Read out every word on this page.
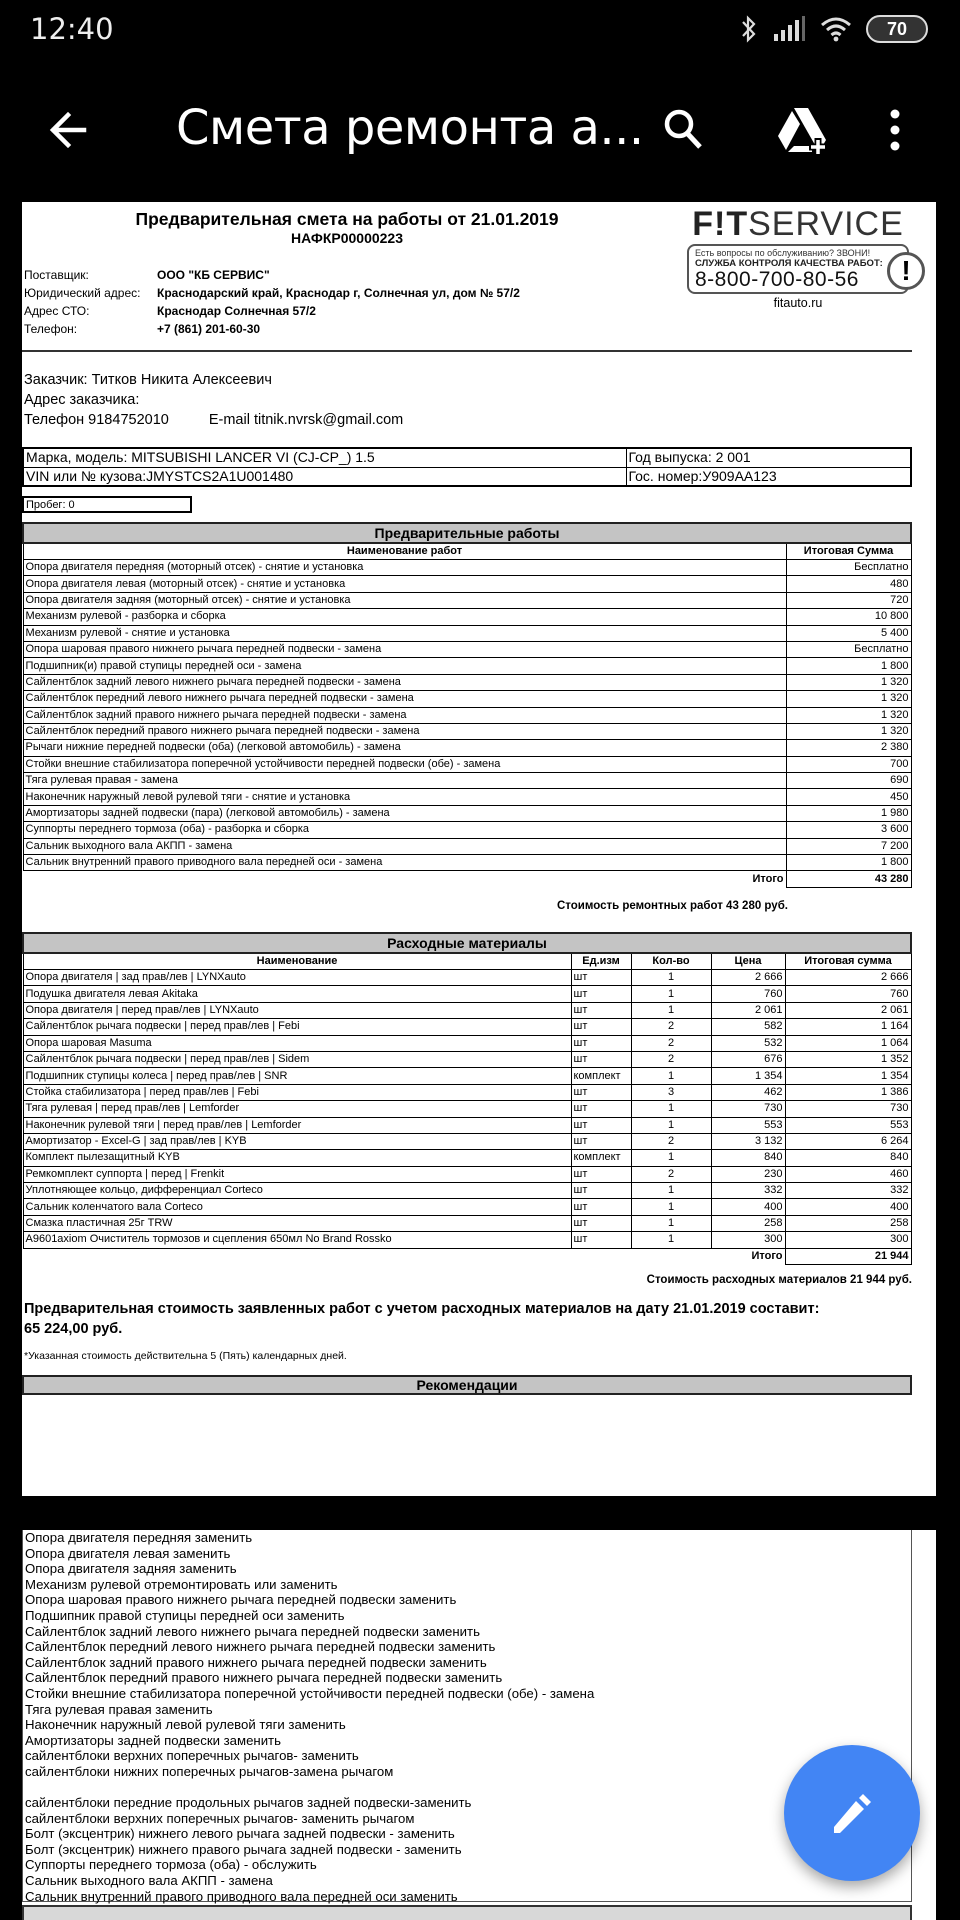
12:40	70
Смета ремонта а...
Предварительная смета на работы от 21.01.2019
НАФКР00000223
Поставщик:	ООО "КБ СЕРВИС"
Юридический адрес:	Краснодарский край, Краснодар г, Солнечная ул, дом № 57/2
Адрес СТО:	Краснодар Солнечная 57/2
Телефон:	+7 (861) 201-60-30
F!TSERVICE
Есть вопросы по обслуживанию? ЗВОНИ!
СЛУЖБА КОНТРОЛЯ КАЧЕСТВА РАБОТ:
8-800-700-80-56	!
fitauto.ru
Заказчик: Титков Никита Алексеевич
Адрес заказчика:
Телефон 9184752010	E-mail titnik.nvrsk@gmail.com
Марка, модель: MITSUBISHI LANCER VI (CJ-CP_) 1.5	Год выпуска: 2 001
VIN или № кузова:JMYSTCS2A1U001480	Гос. номер:У909АА123
Пробег: 0
Предварительные работы	
Наименование работ	Итоговая Сумма
Опора двигателя передняя (моторный отсек) - снятие и установка	Бесплатно
Опора двигателя левая (моторный отсек) - снятие и установка	480
Опора двигателя задняя (моторный отсек) - снятие и установка	720
Механизм рулевой - разборка и сборка	10 800
Механизм рулевой - снятие и установка	5 400
Опора шаровая правого нижнего рычага передней подвески - замена	Бесплатно
Подшипник(и) правой ступицы передней оси - замена	1 800
Сайлентблок задний левого нижнего рычага передней подвески - замена	1 320
Сайлентблок передний левого нижнего рычага передней подвески - замена	1 320
Сайлентблок задний правого нижнего рычага передней подвески - замена	1 320
Сайлентблок передний правого нижнего рычага передней подвески - замена	1 320
Рычаги нижние передней подвески (оба) (легковой автомобиль) - замена	2 380
Стойки внешние стабилизатора поперечной устойчивости передней подвески (обе) - замена	700
Тяга рулевая правая - замена	690
Наконечник наружный левой рулевой тяги - снятие и установка	450
Амортизаторы задней подвески (пара) (легковой автомобиль) - замена	1 980
Суппорты переднего тормоза (оба) - разборка и сборка	3 600
Сальник выходного вала АКПП - замена	7 200
Сальник внутренний правого приводного вала передней оси - замена	1 800
Итого	43 280
Стоимость ремонтных работ 43 280 руб.
Расходные материалы				
Наименование	Ед.изм	Кол-во	Цена	Итоговая сумма
Опора двигателя | зад прав/лев | LYNXauto	шт	1	2 666	2 666
Подушка двигателя левая Akitaka	шт	1	760	760
Опора двигателя | перед прав/лев | LYNXauto	шт	1	2 061	2 061
Сайлентблок рычага подвески | перед прав/лев | Febi	шт	2	582	1 164
Опора шаровая Masuma	шт	2	532	1 064
Сайлентблок рычага подвески | перед прав/лев | Sidem	шт	2	676	1 352
Подшипник ступицы колеса | перед прав/лев | SNR	комплект	1	1 354	1 354
Стойка стабилизатора | перед прав/лев | Febi	шт	3	462	1 386
Тяга рулевая | перед прав/лев | Lemforder	шт	1	730	730
Наконечник рулевой тяги | перед прав/лев | Lemforder	шт	1	553	553
Амортизатор - Excel-G | зад прав/лев | KYB	шт	2	3 132	6 264
Комплект пылезащитный KYB	комплект	1	840	840
Ремкомплект суппорта | перед | Frenkit	шт	2	230	460
Уплотняющее кольцо, дифференциал Corteco	шт	1	332	332
Сальник коленчатого вала Corteco	шт	1	400	400
Смазка пластичная 25г TRW	шт	1	258	258
A9601axiom Очиститель тормозов и сцепления 650мл No Brand Rossko	шт	1	300	300
Итого				21 944
Стоимость расходных материалов 21 944 руб.
Предварительная стоимость заявленных работ с учетом расходных материалов на дату 21.01.2019 составит:
65 224,00 руб.
*Указанная стоимость действительна 5 (Пять) календарных дней.
Рекомендации
Опора двигателя передняя заменить
Опора двигателя левая заменить
Опора двигателя задняя заменить
Механизм рулевой отремонтировать или заменить
Опора шаровая правого нижнего рычага передней подвески заменить
Подшипник правой ступицы передней оси заменить
Сайлентблок задний левого нижнего рычага передней подвески заменить
Сайлентблок передний левого нижнего рычага передней подвески заменить
Сайлентблок задний правого нижнего рычага передней подвески заменить
Сайлентблок передний правого нижнего рычага передней подвески заменить
Стойки внешние стабилизатора поперечной устойчивости передней подвески (обе) - замена
Тяга рулевая правая заменить
Наконечник наружный левой рулевой тяги заменить
Амортизаторы задней подвески заменить
сайлентблоки верхних поперечных рычагов- заменить
сайлентблоки нижних поперечных рычагов-замена рычагом
сайлентблоки передние продольных рычагов задней подвески-заменить
сайлентблоки верхних поперечных рычагов- заменить рычагом
Болт (эксцентрик) нижнего левого рычага задней подвески - заменить
Болт (эксцентрик) нижнего правого рычага задней подвески - заменить
Суппорты переднего тормоза (оба) - обслужить
Сальник выходного вала АКПП - замена
Сальник внутренний правого приводного вала передней оси заменить
